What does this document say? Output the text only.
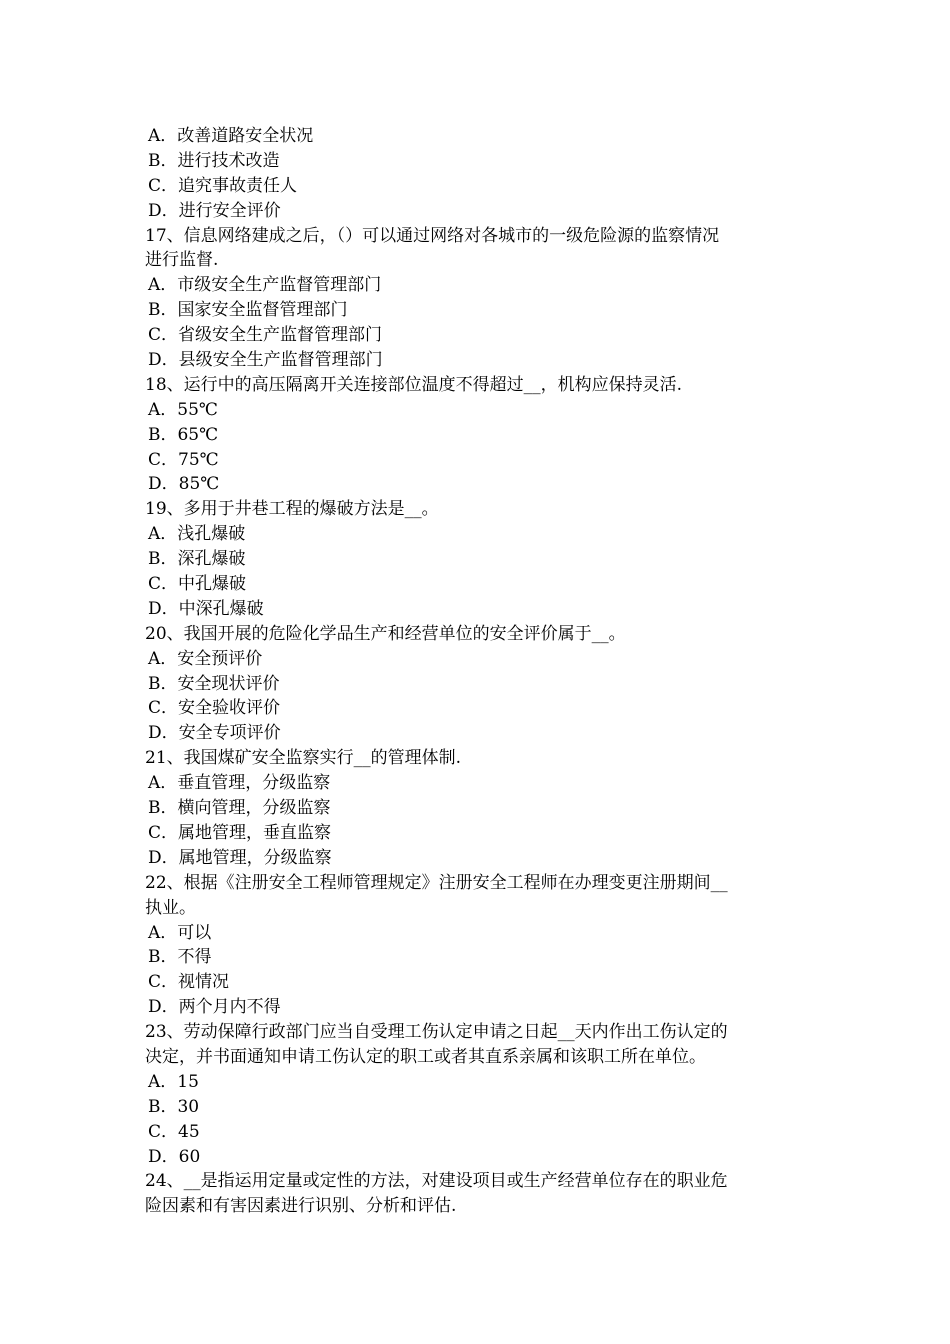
A．改善道路安全状况
B．进行技术改造
C．追究事故责任人
D．进行安全评价
17、信息网络建成之后，（）可以通过网络对各城市的一级危险源的监察情况
进行监督.
A．市级安全生产监督管理部门
B．国家安全监督管理部门
C．省级安全生产监督管理部门
D．县级安全生产监督管理部门
18、运行中的高压隔离开关连接部位温度不得超过__，机构应保持灵活.
A．55℃
B．65℃
C．75℃
D．85℃
19、多用于井巷工程的爆破方法是__。
A．浅孔爆破
B．深孔爆破
C．中孔爆破
D．中深孔爆破
20、我国开展的危险化学品生产和经营单位的安全评价属于__。
A．安全预评价
B．安全现状评价
C．安全验收评价
D．安全专项评价
21、我国煤矿安全监察实行__的管理体制.
A．垂直管理，分级监察
B．横向管理，分级监察
C．属地管理，垂直监察
D．属地管理，分级监察
22、根据《注册安全工程师管理规定》注册安全工程师在办理变更注册期间__
执业。
A．可以
B．不得
C．视情况
D．两个月内不得
23、劳动保障行政部门应当自受理工伤认定申请之日起__天内作出工伤认定的
决定，并书面通知申请工伤认定的职工或者其直系亲属和该职工所在单位。
A．15
B．30
C．45
D．60
24、__是指运用定量或定性的方法，对建设项目或生产经营单位存在的职业危
险因素和有害因素进行识别、分析和评估.
